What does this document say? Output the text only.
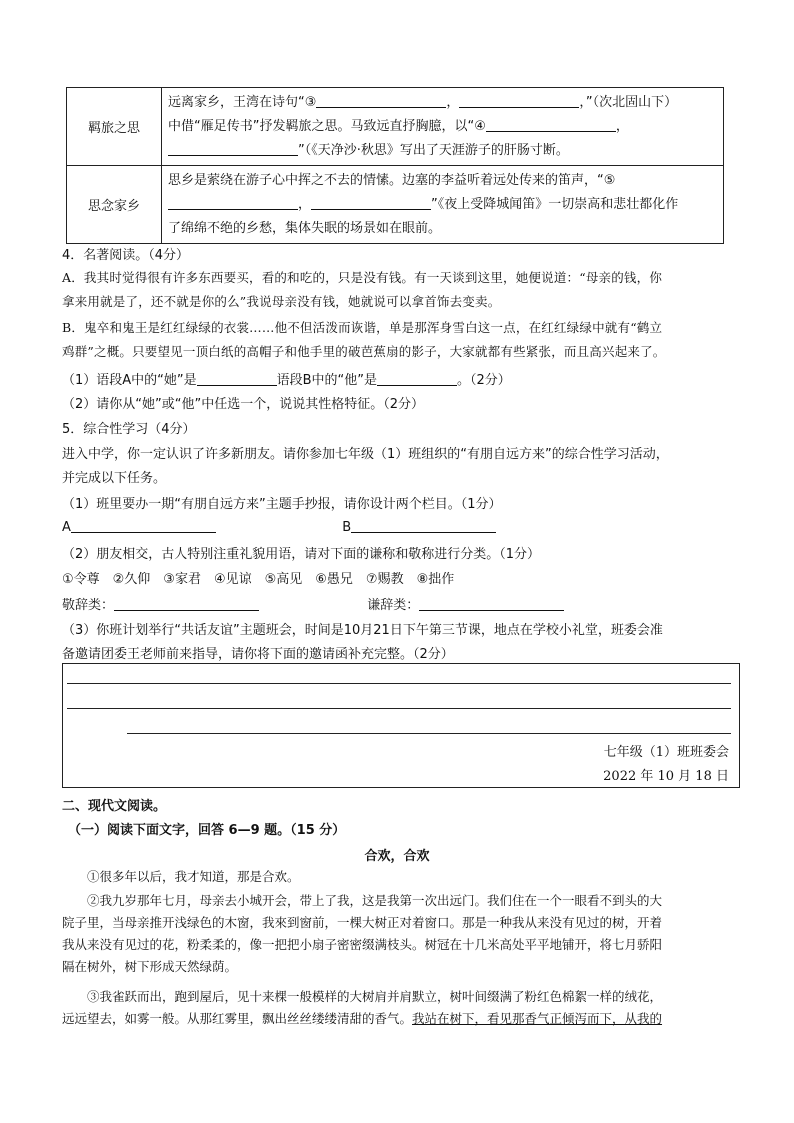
羁旅之思	远离家乡，王湾在诗句“③ ， ，”（次北固山下）
中借“雁足传书”抒发羁旅之思。马致远直抒胸臆，以“④ ，
”（《天净沙·秋思》写出了天涯游子的肝肠寸断。
思念家乡	思乡是萦绕在游子心中挥之不去的情愫。边塞的李益听着远处传来的笛声，“⑤
， ”《夜上受降城闻笛》一切崇高和悲壮都化作
了绵绵不绝的乡愁，集体失眠的场景如在眼前。
4．名著阅读。（4分）
A．我其时觉得很有许多东西要买，看的和吃的，只是没有钱。有一天谈到这里，她便说道：“母亲的钱，你
拿来用就是了，还不就是你的么”我说母亲没有钱，她就说可以拿首饰去变卖。
B．鬼卒和鬼王是红红绿绿的衣裳……他不但活泼而诙谐，单是那浑身雪白这一点，在红红绿绿中就有“鹤立
鸡群”之概。只要望见一顶白纸的高帽子和他手里的破芭蕉扇的影子，大家就都有些紧张，而且高兴起来了。
（1）语段A中的“她”是	语段B中的“他”是	。（2分）
（2）请你从“她”或“他”中任选一个，说说其性格特征。（2分）
5．综合性学习（4分）
进入中学，你一定认识了许多新朋友。请你参加七年级（1）班组织的“有朋自远方来”的综合性学习活动，
并完成以下任务。
（1）班里要办一期“有朋自远方来”主题手抄报，请你设计两个栏目。（1分）
A	B
（2）朋友相交，古人特别注重礼貌用语，请对下面的谦称和敬称进行分类。（1分）
①令尊　②久仰　③家君　④见谅　⑤高见　⑥愚兄　⑦赐教　⑧拙作
敬辞类：	谦辞类：
（3）你班计划举行“共话友谊”主题班会，时间是10月21日下午第三节课，地点在学校小礼堂，班委会准
备邀请团委王老师前来指导，请你将下面的邀请函补充完整。（2分）
七年级（1）班班委会
2022 年 10 月 18 日
二、现代文阅读。
（一）阅读下面文字，回答 6—9 题。（15 分）
合欢，合欢
①很多年以后，我才知道，那是合欢。
②我九岁那年七月，母亲去小城开会，带上了我，这是我第一次出远门。我们住在一个一眼看不到头的大
院子里，当母亲推开浅绿色的木窗，我來到窗前，一棵大树正对着窗口。那是一种我从来没有见过的树，开着
我从来没有见过的花，粉柔柔的，像一把把小扇子密密缀满枝头。树冠在十几米高处平平地铺开，将七月骄阳
隔在树外，树下形成天然绿荫。
③我雀跃而出，跑到屋后，见十来棵一般模样的大树肩并肩默立，树叶间缀满了粉红色棉絮一样的绒花，
远远望去，如雾一般。从那红雾里，飘出丝丝缕缕清甜的香气。我站在树下，看见那香气正倾泻而下，从我的
